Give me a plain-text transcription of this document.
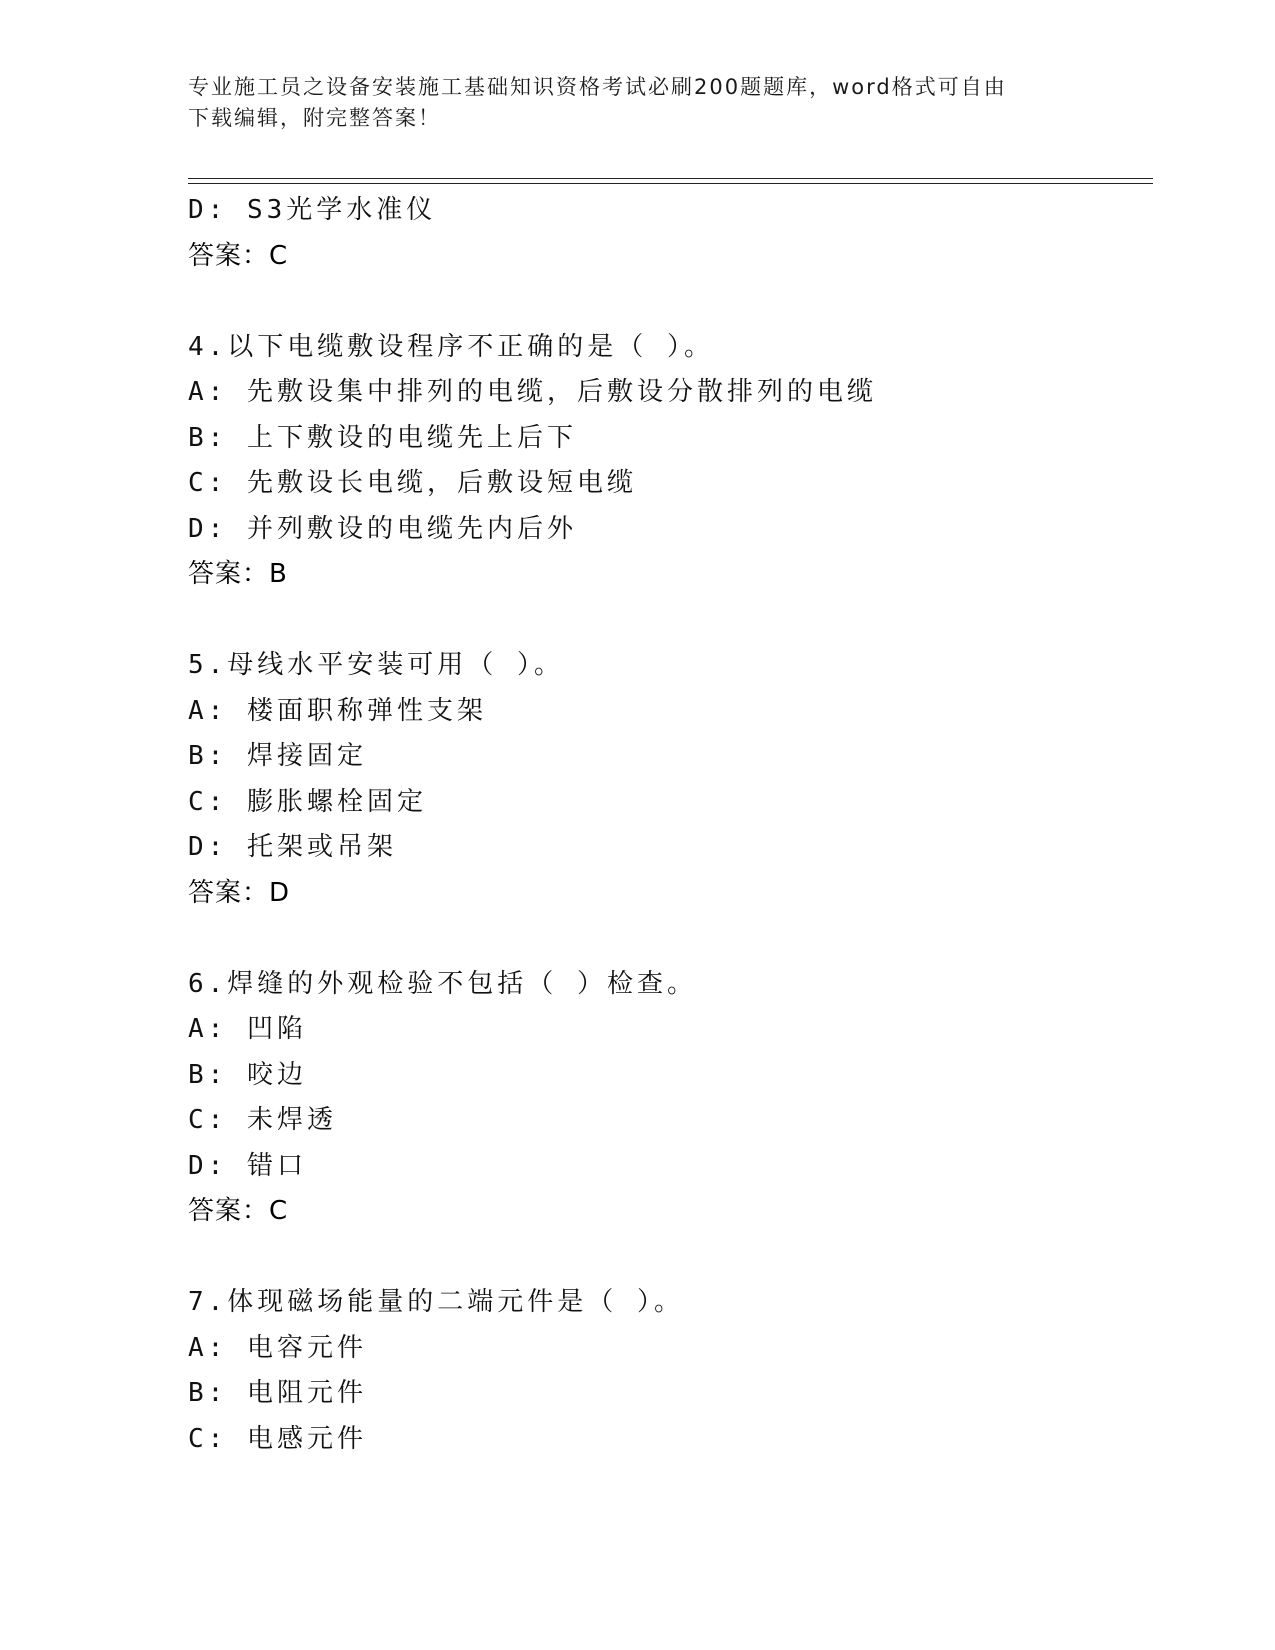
专业施工员之设备安装施工基础知识资格考试必刷200题题库，word格式可自由
下载编辑，附完整答案！
D: S3光学水准仪
答案：C
4.以下电缆敷设程序不正确的是（ ）。
A: 先敷设集中排列的电缆，后敷设分散排列的电缆
B: 上下敷设的电缆先上后下
C: 先敷设长电缆，后敷设短电缆
D: 并列敷设的电缆先内后外
答案：B
5.母线水平安装可用（ ）。
A: 楼面职称弹性支架
B: 焊接固定
C: 膨胀螺栓固定
D: 托架或吊架
答案：D
6.焊缝的外观检验不包括（ ）检查。
A: 凹陷
B: 咬边
C: 未焊透
D: 错口
答案：C
7.体现磁场能量的二端元件是（ ）。
A: 电容元件
B: 电阻元件
C: 电感元件
